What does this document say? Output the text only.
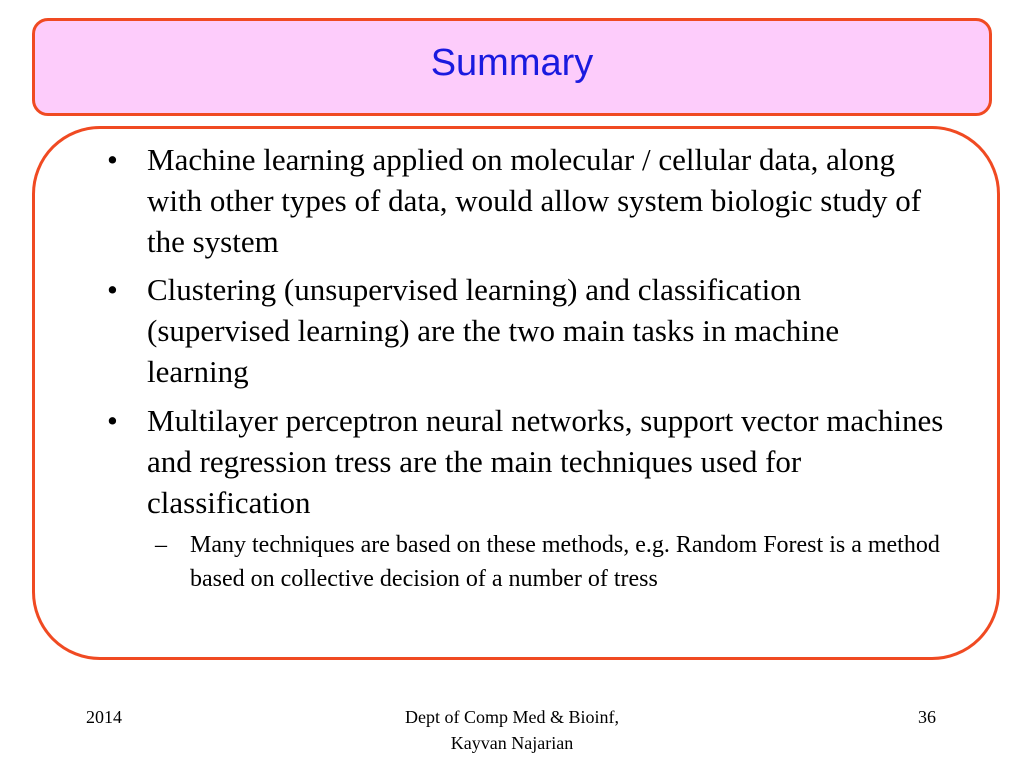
Summary
• Machine learning applied on molecular / cellular data, along with other types of data, would allow system biologic study of the system
• Clustering (unsupervised learning) and classification (supervised learning) are the two main tasks in machine learning
• Multilayer perceptron neural networks, support vector machines and regression tress are the main techniques used for classification
– Many techniques are based on these methods, e.g. Random Forest is a method based on collective decision of a number of tress
2014	Dept of Comp Med & Bioinf,
Kayvan Najarian
36
